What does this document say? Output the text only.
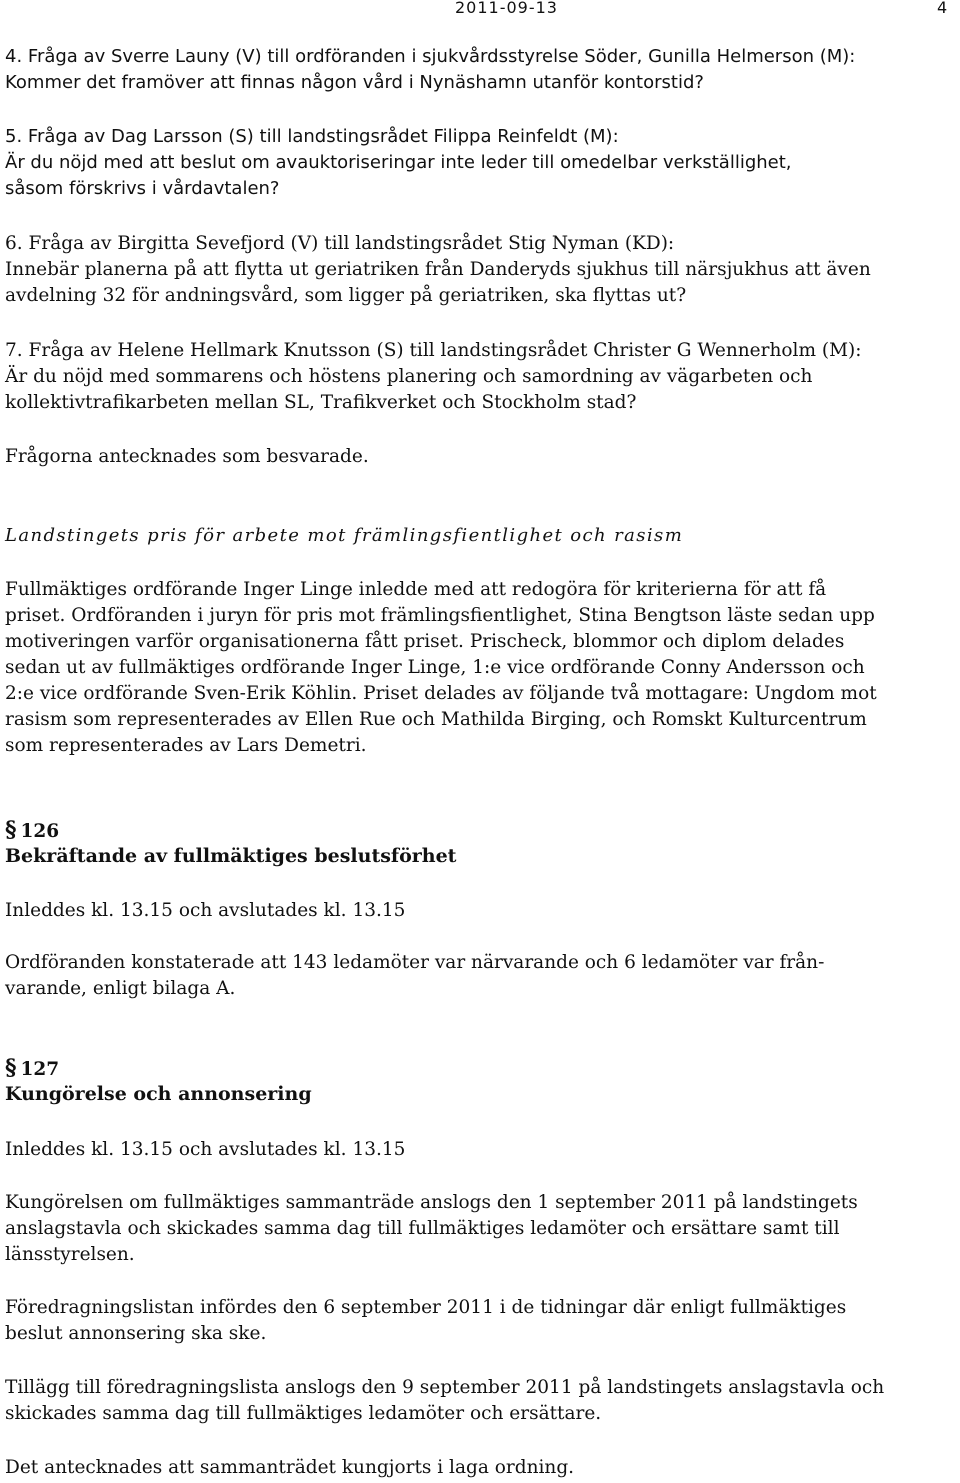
2011-09-13	4

4. Fråga av Sverre Launy (V) till ordföranden i sjukvårdsstyrelse Söder, Gunilla Helmerson (M):

Kommer det framöver att finnas någon vård i Nynäshamn utanför kontorstid?

5. Fråga av Dag Larsson (S) till landstingsrådet Filippa Reinfeldt (M):

Är du nöjd med att beslut om avauktoriseringar inte leder till omedelbar verkställighet,

såsom förskrivs i vårdavtalen?

6. Fråga av Birgitta Sevefjord (V) till landstingsrådet Stig Nyman (KD):

Innebär planerna på att flytta ut geriatriken från Danderyds sjukhus till närsjukhus att även

avdelning 32 för andningsvård, som ligger på geriatriken, ska flyttas ut?

7. Fråga av Helene Hellmark Knutsson (S) till landstingsrådet Christer G Wennerholm (M):

Är du nöjd med sommarens och höstens planering och samordning av vägarbeten och

kollektivtrafikarbeten mellan SL, Trafikverket och Stockholm stad?

Frågorna antecknades som besvarade.

Landstingets pris för arbete mot främlingsfientlighet och rasism

Fullmäktiges ordförande Inger Linge inledde med att redogöra för kriterierna för att få

priset. Ordföranden i juryn för pris mot främlingsfientlighet, Stina Bengtson läste sedan upp

motiveringen varför organisationerna fått priset. Prischeck, blommor och diplom delades

sedan ut av fullmäktiges ordförande Inger Linge, 1:e vice ordförande Conny Andersson och

2:e vice ordförande Sven-Erik Köhlin. Priset delades av följande två mottagare: Ungdom mot

rasism som representerades av Ellen Rue och Mathilda Birging, och Romskt Kulturcentrum

som representerades av Lars Demetri.

§ 126

Bekräftande av fullmäktiges beslutsförhet

Inleddes kl. 13.15 och avslutades kl. 13.15

Ordföranden konstaterade att 143 ledamöter var närvarande och 6 ledamöter var från-

varande, enligt bilaga A.

§ 127

Kungörelse och annonsering

Inleddes kl. 13.15 och avslutades kl. 13.15

Kungörelsen om fullmäktiges sammanträde anslogs den 1 september 2011 på landstingets

anslagstavla och skickades samma dag till fullmäktiges ledamöter och ersättare samt till

länsstyrelsen.

Föredragningslistan infördes den 6 september 2011 i de tidningar där enligt fullmäktiges

beslut annonsering ska ske.

Tillägg till föredragningslista anslogs den 9 september 2011 på landstingets anslagstavla och

skickades samma dag till fullmäktiges ledamöter och ersättare.

Det antecknades att sammanträdet kungjorts i laga ordning.
